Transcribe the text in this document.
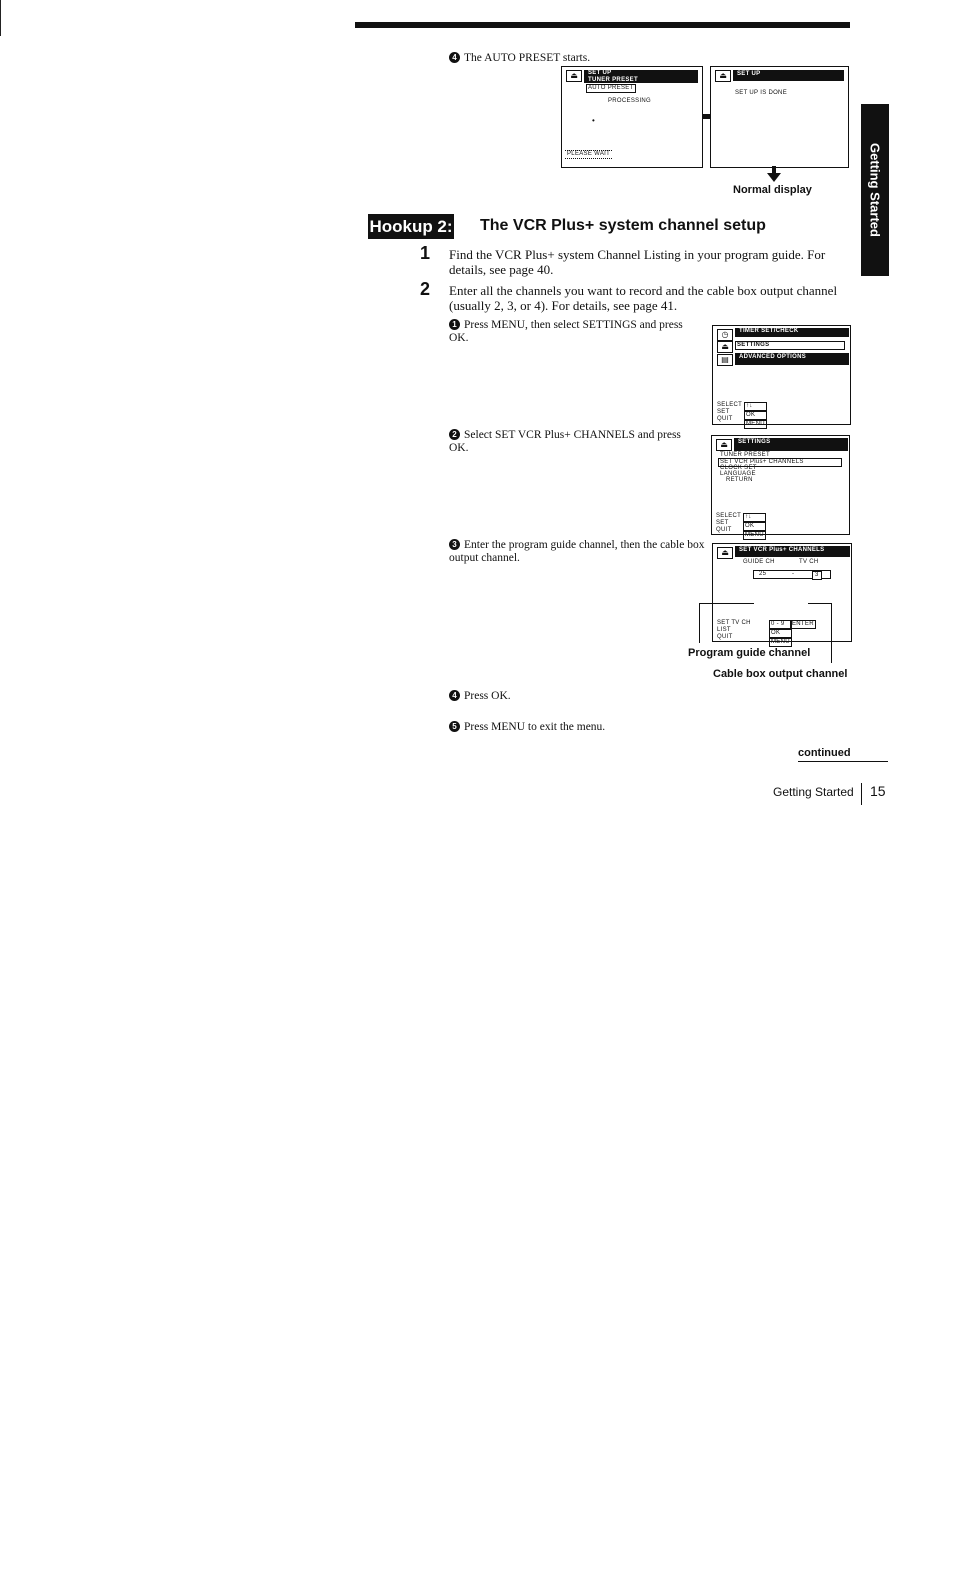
Getting Started
4 The AUTO PRESET starts.
⏏	SET UP
TUNER PRESET
AUTO PRESET
PROCESSING
•
PLEASE WAIT
⏏	SET UP
SET UP IS DONE
Normal display
Hookup 2: The VCR Plus+ system channel setup
1 Find the VCR Plus+ system Channel Listing in your program guide. For details, see page 40.
2 Enter all the channels you want to record and the cable box output channel (usually 2, 3, or 4). For details, see page 41.
1 Press MENU, then select SETTINGS and press OK.	◷	TIMER SET/CHECK
⏏	SETTINGS
▤	ADVANCED OPTIONS
SELECT
SET
QUIT
↑↓
OK
MENU
2 Select SET VCR Plus+ CHANNELS and press OK.	⏏	SETTINGS
TUNER PRESET
SET VCR Plus+ CHANNELS
CLOCK SET
LANGUAGE
RETURN
SELECT
SET
QUIT
↑↓
OK
MENU
3 Enter the program guide channel, then the cable box output channel.	⏏	SET VCR Plus+ CHANNELS
GUIDE CH	TV CH
25	-	3
SET TV CH
LIST
QUIT
0 - 9
OK
MENU
ENTER
Program guide channel
Cable box output channel
4 Press OK.
5 Press MENU to exit the menu.
continued
Getting Started 15
